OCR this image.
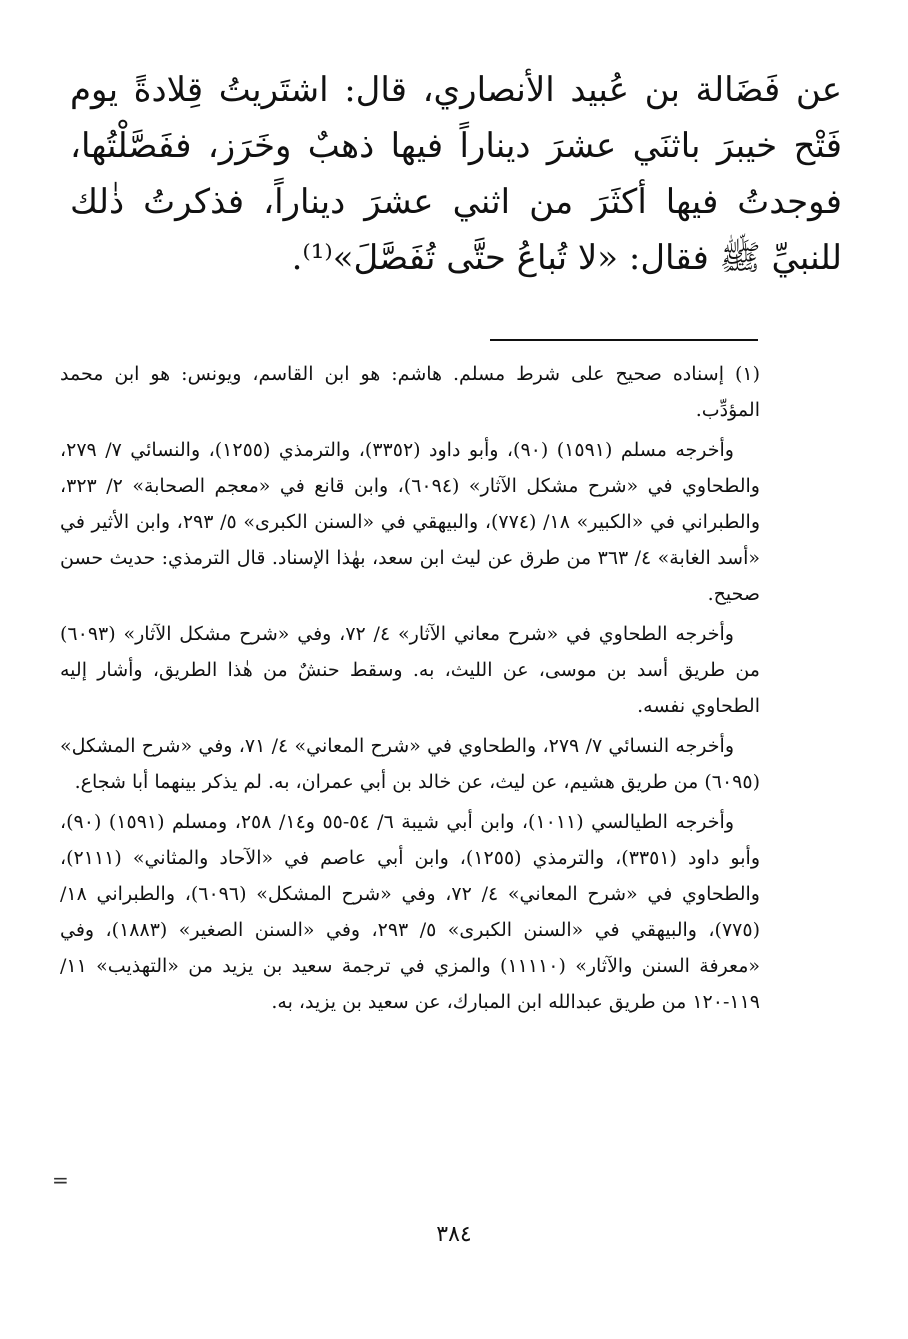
عن فَضَالة بن عُبيد الأنصاري، قال: اشتَريتُ قِلادةً يوم فَتْح خيبرَ باثنَي عشرَ ديناراً فيها ذهبٌ وخَرَز، ففَصَّلْتُها، فوجدتُ فيها أكثَرَ من اثني عشرَ ديناراً، فذكرتُ ذٰلك للنبيِّ ﷺ فقال: «لا تُباعُ حتَّى تُفَصَّلَ»⁽¹⁾.

(١) إسناده صحيح على شرط مسلم. هاشم: هو ابن القاسم، ويونس: هو ابن محمد المؤدِّب.

وأخرجه مسلم (١٥٩١) (٩٠)، وأبو داود (٣٣٥٢)، والترمذي (١٢٥٥)، والنسائي ٧/ ٢٧٩، والطحاوي في «شرح مشكل الآثار» (٦٠٩٤)، وابن قانع في «معجم الصحابة» ٢/ ٣٢٣، والطبراني في «الكبير» ١٨/ (٧٧٤)، والبيهقي في «السنن الكبرى» ٥/ ٢٩٣، وابن الأثير في «أسد الغابة» ٤/ ٣٦٣ من طرق عن ليث ابن سعد، بهٰذا الإسناد. قال الترمذي: حديث حسن صحيح.

وأخرجه الطحاوي في «شرح معاني الآثار» ٤/ ٧٢، وفي «شرح مشكل الآثار» (٦٠٩٣) من طريق أسد بن موسى، عن الليث، به. وسقط حنشٌ من هٰذا الطريق، وأشار إليه الطحاوي نفسه.

وأخرجه النسائي ٧/ ٢٧٩، والطحاوي في «شرح المعاني» ٤/ ٧١، وفي «شرح المشكل» (٦٠٩٥) من طريق هشيم، عن ليث، عن خالد بن أبي عمران، به. لم يذكر بينهما أبا شجاع.

وأخرجه الطيالسي (١٠١١)، وابن أبي شيبة ٦/ ٥٤-٥٥ و١٤/ ٢٥٨، ومسلم (١٥٩١) (٩٠)، وأبو داود (٣٣٥١)، والترمذي (١٢٥٥)، وابن أبي عاصم في «الآحاد والمثاني» (٢١١١)، والطحاوي في «شرح المعاني» ٤/ ٧٢، وفي «شرح المشكل» (٦٠٩٦)، والطبراني ١٨/ (٧٧٥)، والبيهقي في «السنن الكبرى» ٥/ ٢٩٣، وفي «السنن الصغير» (١٨٨٣)، وفي «معرفة السنن والآثار» (١١١١٠) والمزي في ترجمة سعيد بن يزيد من «التهذيب» ١١/ ١١٩-١٢٠ من طريق عبدالله ابن المبارك، عن سعيد بن يزيد، به.

=
٣٨٤
